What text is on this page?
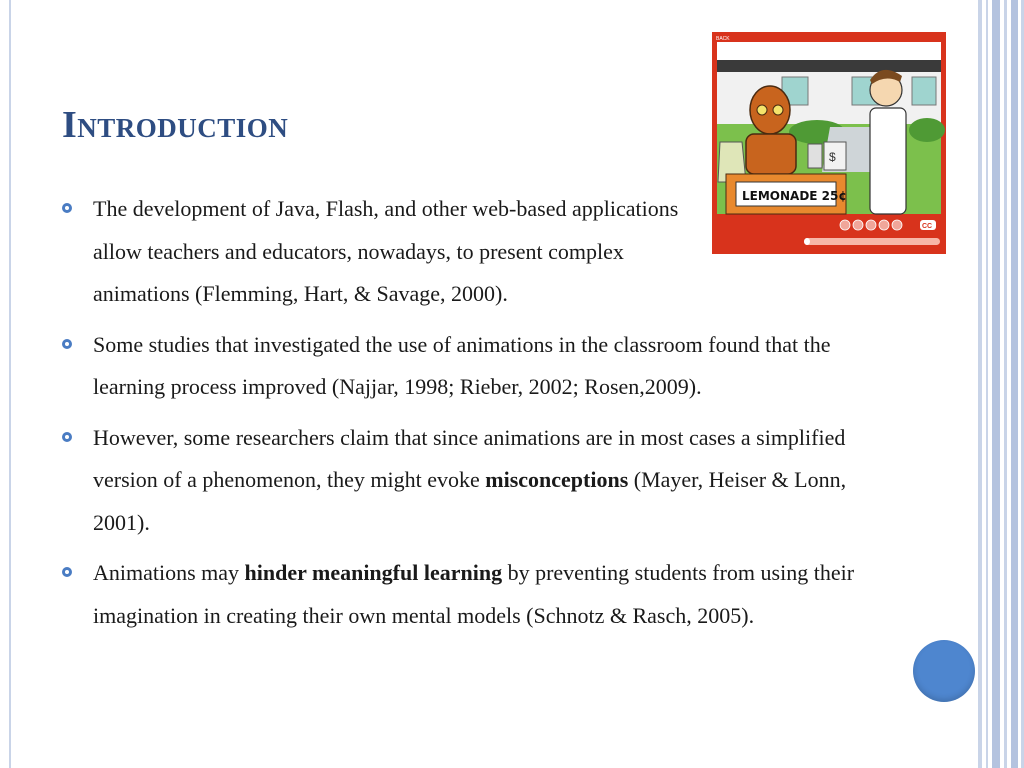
Introduction
The development of Java, Flash, and other web-based applications allow teachers and educators, nowadays, to present complex animations (Flemming, Hart, & Savage, 2000).
Some studies that investigated the use of animations in the classroom found that the learning process improved (Najjar, 1998; Rieber, 2002; Rosen,2009).
However, some researchers claim that since animations are in most cases a simplified version of a phenomenon, they might evoke misconceptions (Mayer, Heiser & Lonn, 2001).
Animations may hinder meaningful learning by preventing students from using their imagination in creating their own mental models (Schnotz & Rasch, 2005).
BACK
$
LEMONADE 25¢
CC
